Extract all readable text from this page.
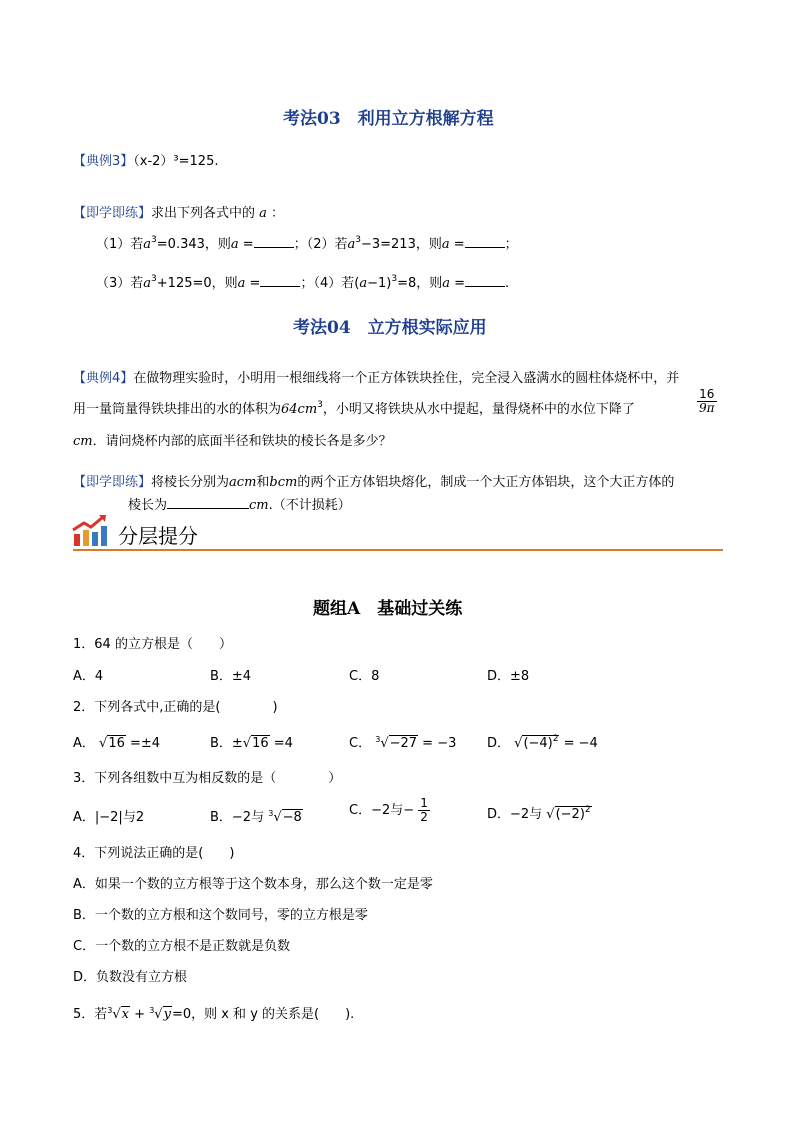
考法03　利用立方根解方程
【典例3】（x-2）³=125.
【即学即练】求出下列各式中的 a ：
（1）若$a^3=0.343$，则a =	；（2）若$a^3-3=213$，则a =	；
（3）若$a^3+125=0$，则a =	；（4）若$(a-1)^3=8$，则a =	.
考法04　立方根实际应用
【典例4】在做物理实验时，小明用一根细线将一个正方体铁块拴住，完全浸入盛满水的圆柱体烧杯中，并
用一量筒量得铁块排出的水的体积为$64cm^3$，小明又将铁块从水中提起，量得烧杯中的水位下降了	$\frac{16}{9\pi}$
cm．请问烧杯内部的底面半径和铁块的棱长各是多少？
【即学即练】将棱长分别为acm和bcm的两个正方体铝块熔化，制成一个大正方体铝块，这个大正方体的
棱长为	cm.（不计损耗）
分层提分
题组A　基础过关练
1．64 的立方根是（　　）
A．4	B．±4	C．8	D．±8
2．下列各式中,正确的是(　　　　)
A． √16 =±4	B．±√16 =4	C． $^3$√−27 = −3 D． $√(-4)^2 = -4$
3．下列各组数中互为相反数的是（　　　　）
A．|−2|与2	B．−2与 $^3$√−8	C．−2与− $\frac{1}{2}$	D．−2与 $√(-2)^2$
4．下列说法正确的是(　　)
A．如果一个数的立方根等于这个数本身，那么这个数一定是零
B．一个数的立方根和这个数同号，零的立方根是零
C．一个数的立方根不是正数就是负数
D．负数没有立方根
5．若$^3$√x + $^3$√y=0，则 x 和 y 的关系是(　　).
